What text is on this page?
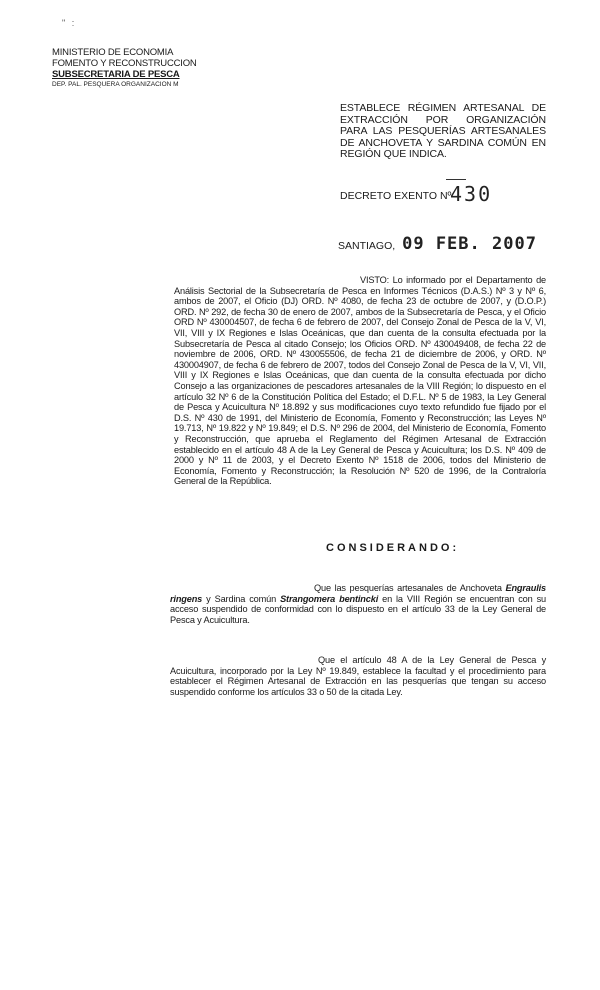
" :
MINISTERIO DE ECONOMIA
FOMENTO Y RECONSTRUCCION
SUBSECRETARIA DE PESCA
DEP. PAL. PESQUERA ORGANIZACION M
ESTABLECE RÉGIMEN ARTESANAL DE EXTRACCIÓN POR ORGANIZACIÓN PARA LAS PESQUERÍAS ARTESANALES DE ANCHOVETA Y SARDINA COMÚN EN REGIÓN QUE INDICA.
DECRETO EXENTO Nº
430
SANTIAGO, 09 FEB. 2007
VISTO: Lo informado por el Departamento de Análisis Sectorial de la Subsecretaría de Pesca en Informes Técnicos (D.A.S.) Nº 3 y Nº 6, ambos de 2007, el Oficio (DJ) ORD. Nº 4080, de fecha 23 de octubre de 2007, y (D.O.P.) ORD. Nº 292, de fecha 30 de enero de 2007, ambos de la Subsecretaría de Pesca, y el Oficio ORD Nº 430004507, de fecha 6 de febrero de 2007, del Consejo Zonal de Pesca de la V, VI, VII, VIII y IX Regiones e Islas Oceánicas, que dan cuenta de la consulta efectuada por la Subsecretaría de Pesca al citado Consejo; los Oficios ORD. Nº 430049408, de fecha 22 de noviembre de 2006, ORD. Nº 430055506, de fecha 21 de diciembre de 2006, y ORD. Nº 430004907, de fecha 6 de febrero de 2007, todos del Consejo Zonal de Pesca de la V, VI, VII, VIII y IX Regiones e Islas Oceánicas, que dan cuenta de la consulta efectuada por dicho Consejo a las organizaciones de pescadores artesanales de la VIII Región; lo dispuesto en el artículo 32 Nº 6 de la Constitución Política del Estado; el D.F.L. Nº 5 de 1983, la Ley General de Pesca y Acuicultura Nº 18.892 y sus modificaciones cuyo texto refundido fue fijado por el D.S. Nº 430 de 1991, del Ministerio de Economía, Fomento y Reconstrucción; las Leyes Nº 19.713, Nº 19.822 y Nº 19.849; el D.S. Nº 296 de 2004, del Ministerio de Economía, Fomento y Reconstrucción, que aprueba el Reglamento del Régimen Artesanal de Extracción establecido en el artículo 48 A de la Ley General de Pesca y Acuicultura; los D.S. Nº 409 de 2000 y Nº 11 de 2003, y el Decreto Exento Nº 1518 de 2006, todos del Ministerio de Economía, Fomento y Reconstrucción; la Resolución Nº 520 de 1996, de la Contraloría General de la República.
CONSIDERANDO:
Que las pesquerías artesanales de Anchoveta Engraulis ringens y Sardina común Strangomera bentincki en la VIII Región se encuentran con su acceso suspendido de conformidad con lo dispuesto en el artículo 33 de la Ley General de Pesca y Acuicultura.
Que el artículo 48 A de la Ley General de Pesca y Acuicultura, incorporado por la Ley Nº 19.849, establece la facultad y el procedimiento para establecer el Régimen Artesanal de Extracción en las pesquerías que tengan su acceso suspendido conforme los artículos 33 o 50 de la citada Ley.
